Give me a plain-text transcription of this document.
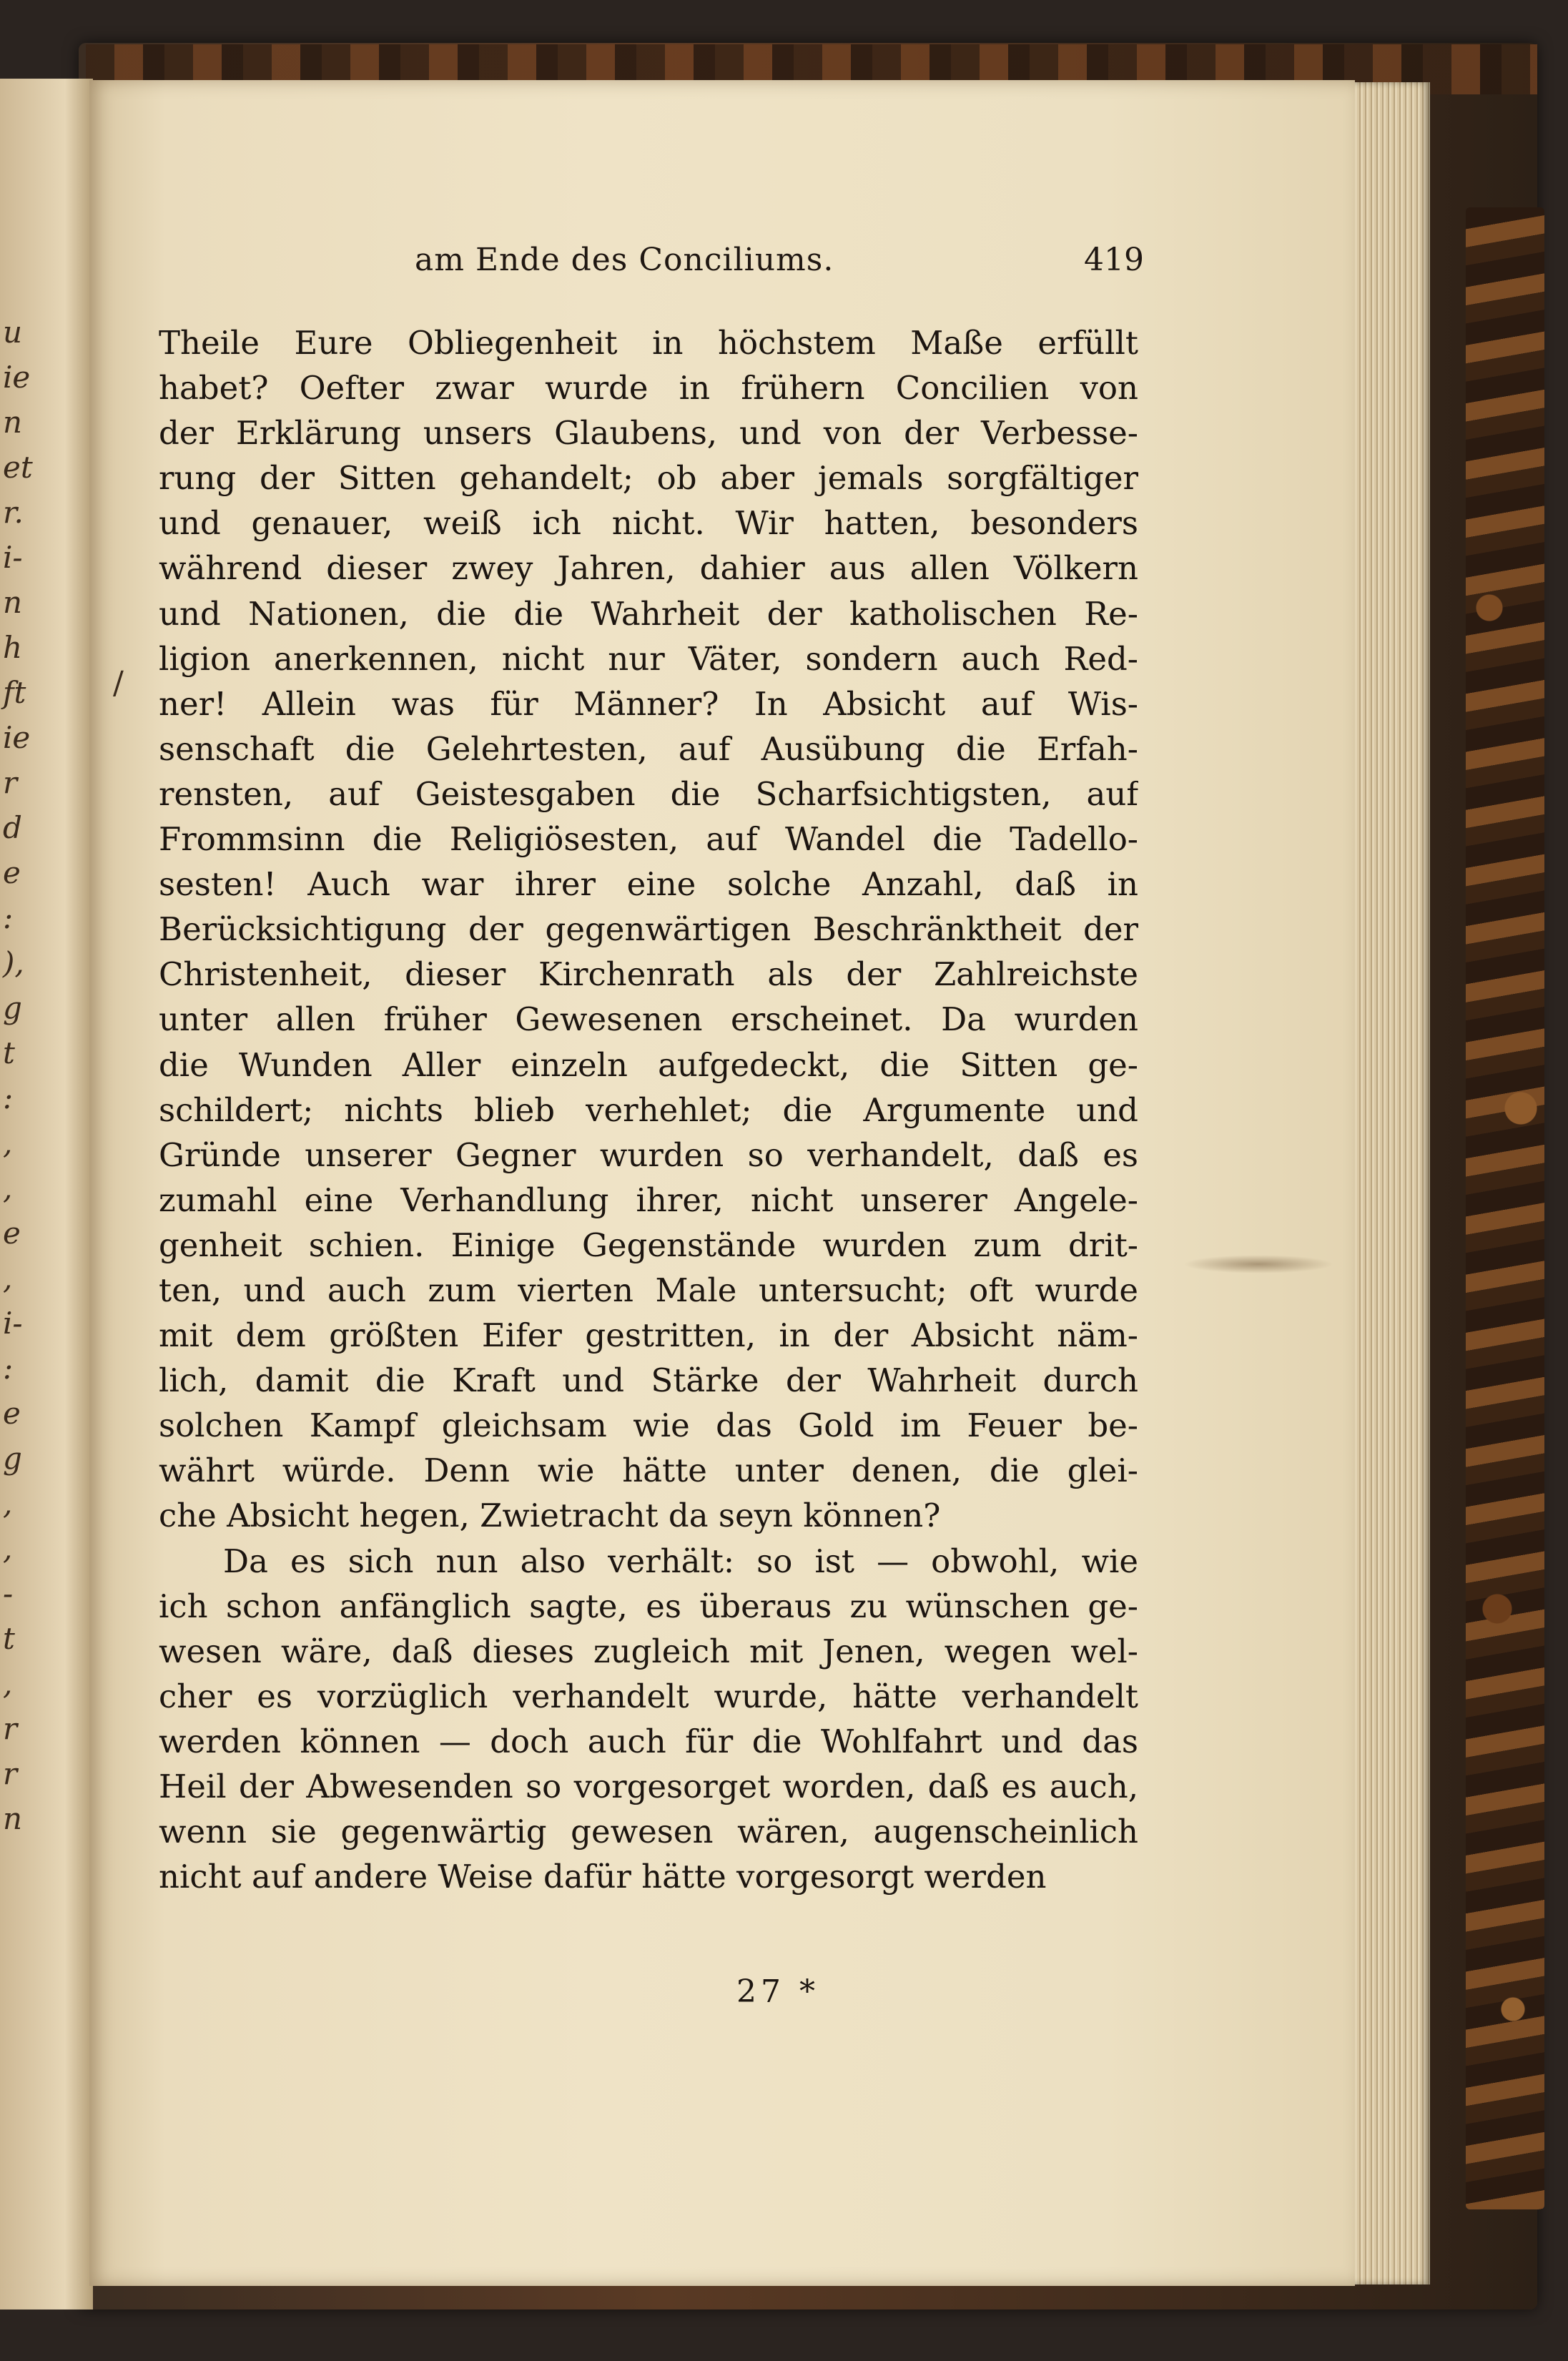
u
ie
n
et
r.
i-
n
h
ft
ie
r
d
e
:
),
g
t
:
,
,
e
,
i-
:
e
g
,
,
-
t
,
r
r
n
am Ende des Conciliums.	419
/
Theile Eure Obliegenheit in höchstem Maße erfüllt
habet? Oefter zwar wurde in frühern Concilien von
der Erklärung unsers Glaubens, und von der Verbesse-
rung der Sitten gehandelt; ob aber jemals sorgfältiger
und genauer, weiß ich nicht. Wir hatten, besonders
während dieser zwey Jahren, dahier aus allen Völkern
und Nationen, die die Wahrheit der katholischen Re-
ligion anerkennen, nicht nur Väter, sondern auch Red-
ner! Allein was für Männer? In Absicht auf Wis-
senschaft die Gelehrtesten, auf Ausübung die Erfah-
rensten, auf Geistesgaben die Scharfsichtigsten, auf
Frommsinn die Religiösesten, auf Wandel die Tadello-
sesten! Auch war ihrer eine solche Anzahl, daß in
Berücksichtigung der gegenwärtigen Beschränktheit der
Christenheit, dieser Kirchenrath als der Zahlreichste
unter allen früher Gewesenen erscheinet. Da wurden
die Wunden Aller einzeln aufgedeckt, die Sitten ge-
schildert; nichts blieb verhehlet; die Argumente und
Gründe unserer Gegner wurden so verhandelt, daß es
zumahl eine Verhandlung ihrer, nicht unserer Angele-
genheit schien. Einige Gegenstände wurden zum drit-
ten, und auch zum vierten Male untersucht; oft wurde
mit dem größten Eifer gestritten, in der Absicht näm-
lich, damit die Kraft und Stärke der Wahrheit durch
solchen Kampf gleichsam wie das Gold im Feuer be-
währt würde. Denn wie hätte unter denen, die glei-
che Absicht hegen, Zwietracht da seyn können?
Da es sich nun also verhält: so ist — obwohl, wie
ich schon anfänglich sagte, es überaus zu wünschen ge-
wesen wäre, daß dieses zugleich mit Jenen, wegen wel-
cher es vorzüglich verhandelt wurde, hätte verhandelt
werden können — doch auch für die Wohlfahrt und das
Heil der Abwesenden so vorgesorget worden, daß es auch,
wenn sie gegenwärtig gewesen wären, augenscheinlich
nicht auf andere Weise dafür hätte vorgesorgt werden
27 *
